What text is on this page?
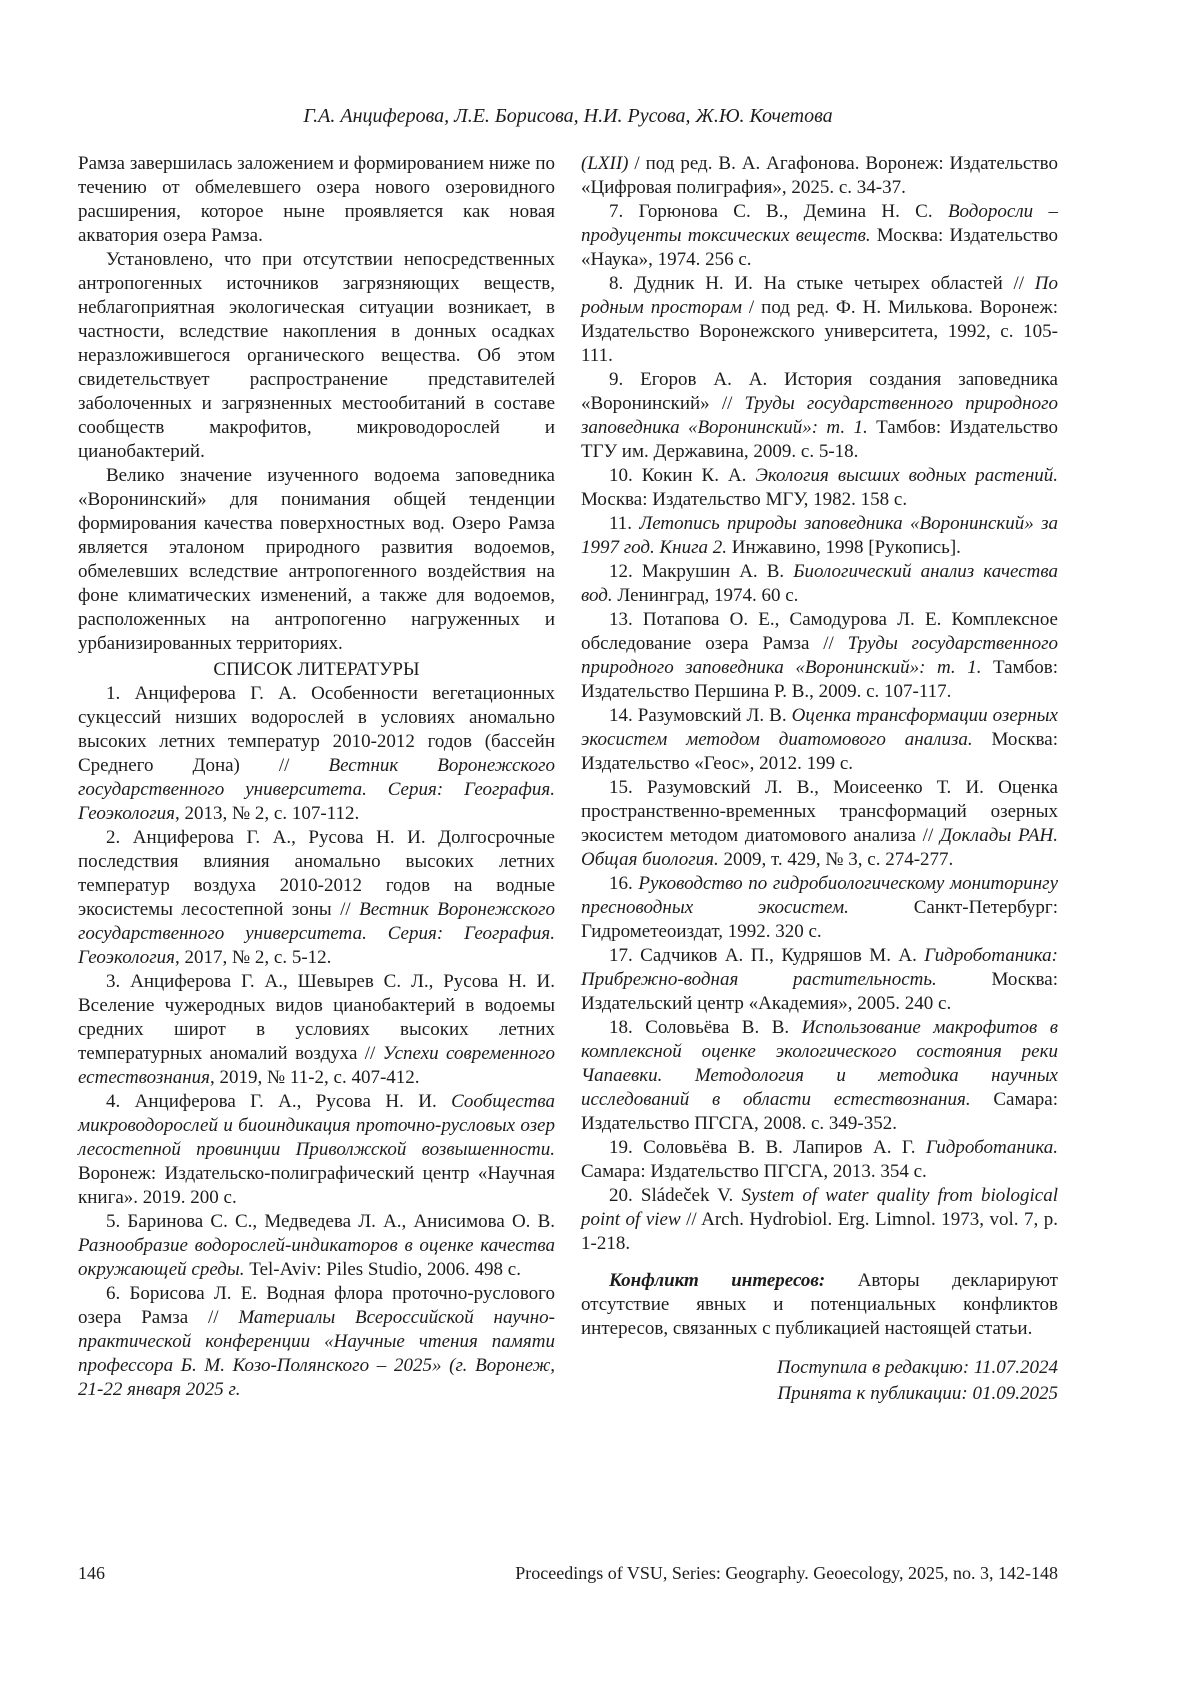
Г.А. Анциферова, Л.Е. Борисова, Н.И. Русова, Ж.Ю. Кочетова

Рамза завершилась заложением и формированием ниже по течению от обмелевшего озера нового озеровидного расширения, которое ныне проявляется как новая акватория озера Рамза.

Установлено, что при отсутствии непосредственных антропогенных источников загрязняющих веществ, неблагоприятная экологическая ситуации возникает, в частности, вследствие накопления в донных осадках неразложившегося органического вещества. Об этом свидетельствует распространение представителей заболоченных и загрязненных местообитаний в составе сообществ макрофитов, микроводорослей и цианобактерий.

Велико значение изученного водоема заповедника «Воронинский» для понимания общей тенденции формирования качества поверхностных вод. Озеро Рамза является эталоном природного развития водоемов, обмелевших вследствие антропогенного воздействия на фоне климатических изменений, а также для водоемов, расположенных на антропогенно нагруженных и урбанизированных территориях.

СПИСОК ЛИТЕРАТУРЫ
1. Анциферова Г. А. Особенности вегетационных сукцессий низших водорослей в условиях аномально высоких летних температур 2010-2012 годов (бассейн Среднего Дона) // Вестник Воронежского государственного университета. Серия: География. Геоэкология, 2013, № 2, с. 107-112.
2. Анциферова Г. А., Русова Н. И. Долгосрочные последствия влияния аномально высоких летних температур воздуха 2010-2012 годов на водные экосистемы лесостепной зоны // Вестник Воронежского государственного университета. Серия: География. Геоэкология, 2017, № 2, с. 5-12.
3. Анциферова Г. А., Шевырев С. Л., Русова Н. И. Вселение чужеродных видов цианобактерий в водоемы средних широт в условиях высоких летних температурных аномалий воздуха // Успехи современного естествознания, 2019, № 11-2, с. 407-412.
4. Анциферова Г. А., Русова Н. И. Сообщества микроводорослей и биоиндикация проточно-русловых озер лесостепной провинции Приволжской возвышенности. Воронеж: Издательско-полиграфический центр «Научная книга». 2019. 200 с.
5. Баринова С. С., Медведева Л. А., Анисимова О. В. Разнообразие водорослей-индикаторов в оценке качества окружающей среды. Tel-Aviv: Piles Studio, 2006. 498 с.
6. Борисова Л. Е. Водная флора проточно-руслового озера Рамза // Материалы Всероссийской научно-практической конференции «Научные чтения памяти профессора Б. М. Козо-Полянского – 2025» (г. Воронеж, 21-22 января 2025 г.
(LXII) / под ред. В. А. Агафонова. Воронеж: Издательство «Цифровая полиграфия», 2025. с. 34-37.
7. Горюнова С. В., Демина Н. С. Водоросли – продуценты токсических веществ. Москва: Издательство «Наука», 1974. 256 с.
8. Дудник Н. И. На стыке четырех областей // По родным просторам / под ред. Ф. Н. Милькова. Воронеж: Издательство Воронежского университета, 1992, с. 105-111.
9. Егоров А. А. История создания заповедника «Воронинский» // Труды государственного природного заповедника «Воронинский»: т. 1. Тамбов: Издательство ТГУ им. Державина, 2009. с. 5-18.
10. Кокин К. А. Экология высших водных растений. Москва: Издательство МГУ, 1982. 158 с.
11. Летопись природы заповедника «Воронинский» за 1997 год. Книга 2. Инжавино, 1998 [Рукопись].
12. Макрушин А. В. Биологический анализ качества вод. Ленинград, 1974. 60 с.
13. Потапова О. Е., Самодурова Л. Е. Комплексное обследование озера Рамза // Труды государственного природного заповедника «Воронинский»: т. 1. Тамбов: Издательство Першина Р. В., 2009. с. 107-117.
14. Разумовский Л. В. Оценка трансформации озерных экосистем методом диатомового анализа. Москва: Издательство «Геос», 2012. 199 с.
15. Разумовский Л. В., Моисеенко Т. И. Оценка пространственно-временных трансформаций озерных экосистем методом диатомового анализа // Доклады РАН. Общая биология. 2009, т. 429, № 3, с. 274-277.
16. Руководство по гидробиологическому мониторингу пресноводных экосистем. Санкт-Петербург: Гидрометеоиздат, 1992. 320 с.
17. Садчиков А. П., Кудряшов М. А. Гидроботаника: Прибрежно-водная растительность. Москва: Издательский центр «Академия», 2005. 240 с.
18. Соловьёва В. В. Использование макрофитов в комплексной оценке экологического состояния реки Чапаевки. Методология и методика научных исследований в области естествознания. Самара: Издательство ПГСГА, 2008. с. 349-352.
19. Соловьёва В. В. Лапиров А. Г. Гидроботаника. Самара: Издательство ПГСГА, 2013. 354 с.
20. Sládeček V. System of water quality from biological point of view // Arch. Hydrobiol. Erg. Limnol. 1973, vol. 7, p. 1-218.

Конфликт интересов: Авторы декларируют отсутствие явных и потенциальных конфликтов интересов, связанных с публикацией настоящей статьи.

Поступила в редакцию: 11.07.2024

Принята к публикации: 01.09.2025

146	Proceedings of VSU, Series: Geography. Geoecology, 2025, no. 3, 142-148
